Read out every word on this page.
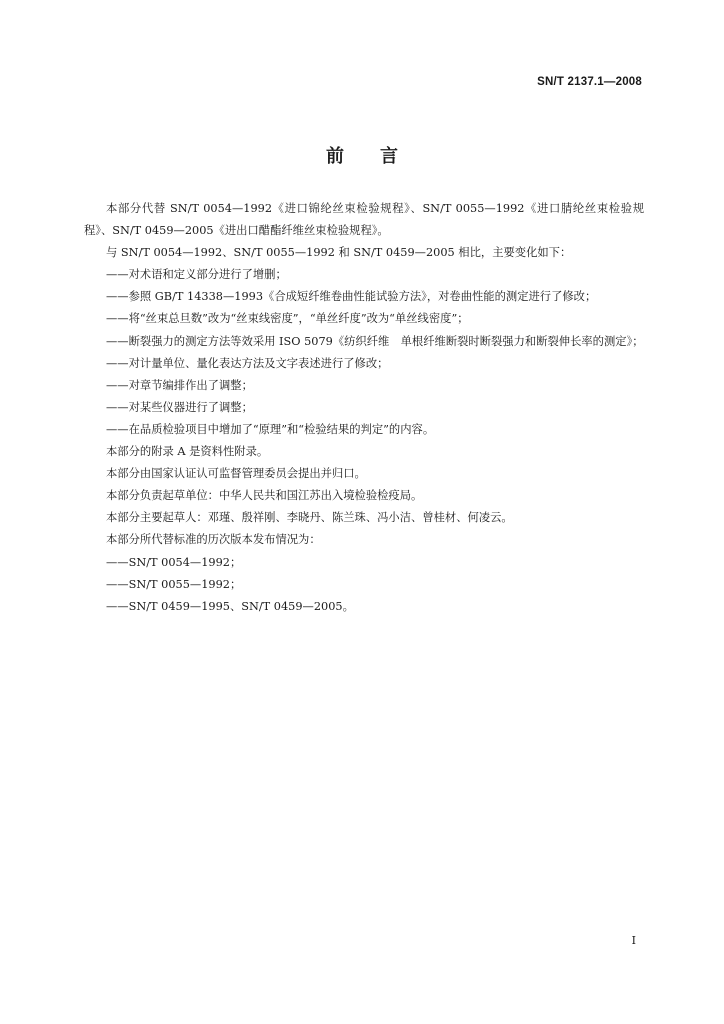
SN/T 2137.1—2008
前言

本部分代替 SN/T 0054—1992《进口锦纶丝束检验规程》、SN/T 0055—1992《进口腈纶丝束检验规程》、SN/T 0459—2005《进出口醋酯纤维丝束检验规程》。

与 SN/T 0054—1992、SN/T 0055—1992 和 SN/T 0459—2005 相比，主要变化如下：

——对术语和定义部分进行了增删；

——参照 GB/T 14338—1993《合成短纤维卷曲性能试验方法》，对卷曲性能的测定进行了修改；

——将“丝束总旦数”改为“丝束线密度”，“单丝纤度”改为“单丝线密度”；

——断裂强力的测定方法等效采用 ISO 5079《纺织纤维　单根纤维断裂时断裂强力和断裂伸长率的测定》；

——对计量单位、量化表达方法及文字表述进行了修改；

——对章节编排作出了调整；

——对某些仪器进行了调整；

——在品质检验项目中增加了“原理”和“检验结果的判定”的内容。

本部分的附录 A 是资料性附录。

本部分由国家认证认可监督管理委员会提出并归口。

本部分负责起草单位：中华人民共和国江苏出入境检验检疫局。

本部分主要起草人：邓瑾、殷祥刚、李晓丹、陈兰珠、冯小洁、曾桂材、何凌云。

本部分所代替标准的历次版本发布情况为：

——SN/T 0054—1992；

——SN/T 0055—1992；

——SN/T 0459—1995、SN/T 0459—2005。

I
